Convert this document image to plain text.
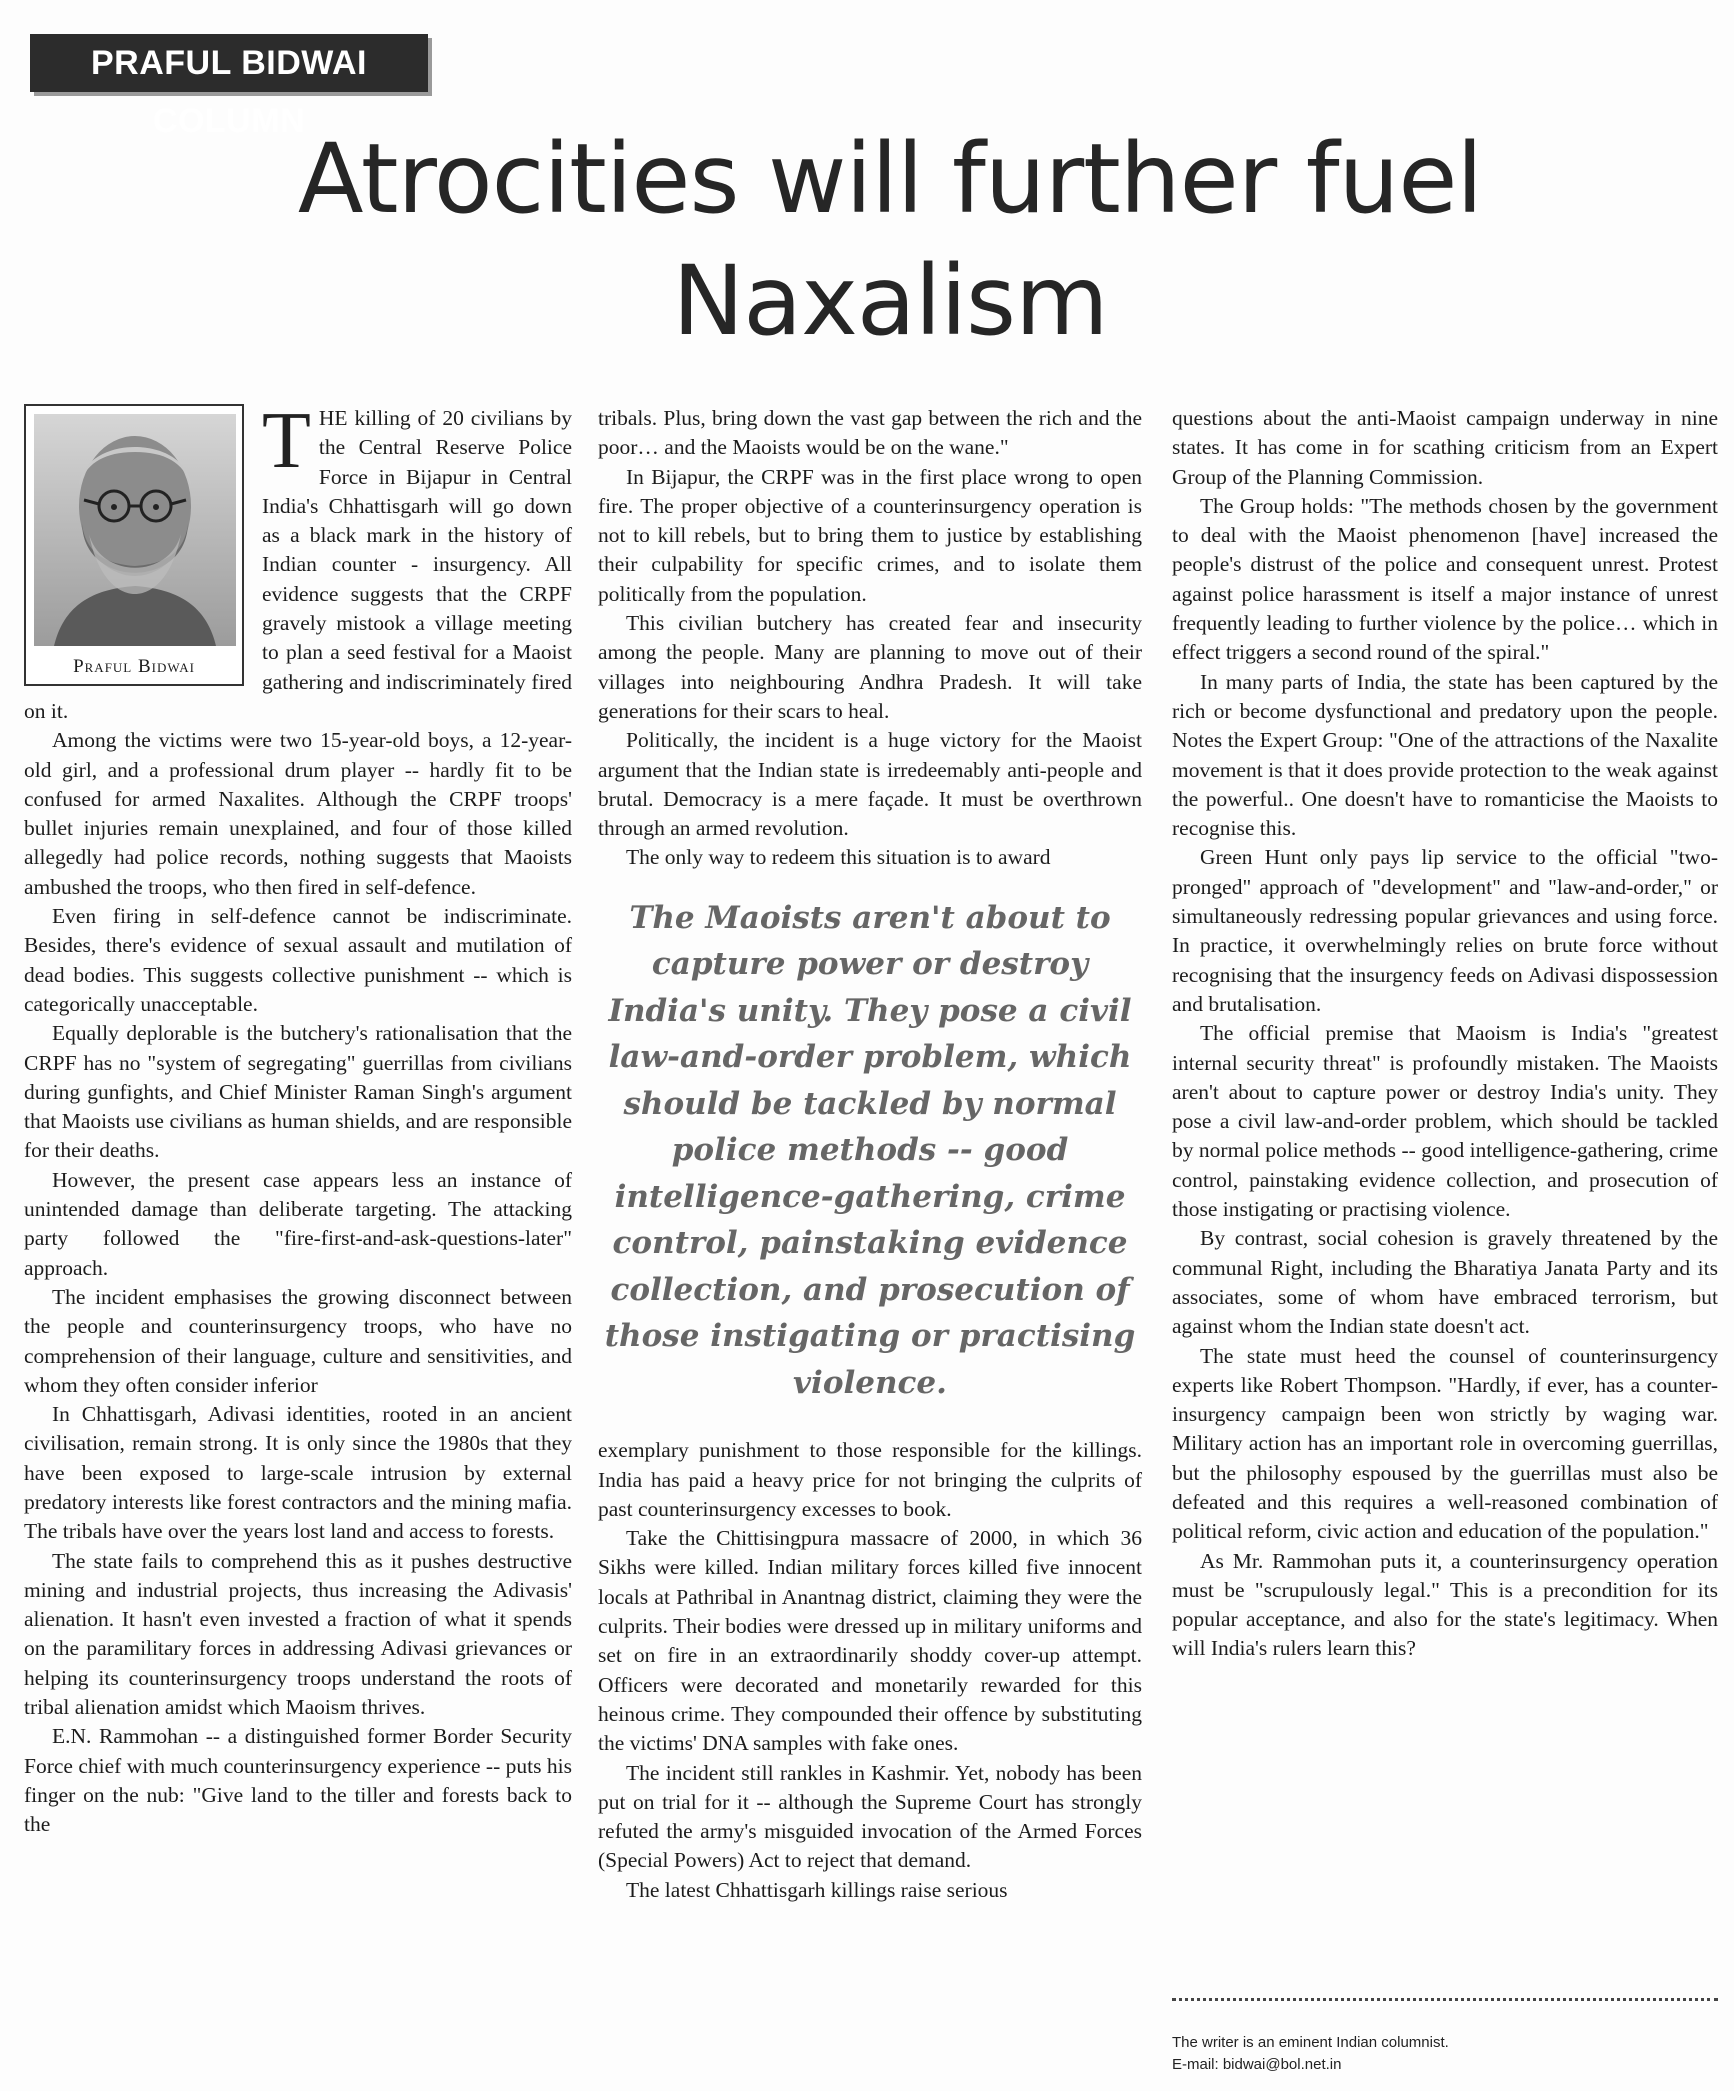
PRAFUL BIDWAI COLUMN
Atrocities will further fuel Naxalism
Praful Bidwai

THE killing of 20 civilians by the Central Reserve Police Force in Bijapur in Central India's Chhattisgarh will go down as a black mark in the history of Indian counter - insurgency. All evidence suggests that the CRPF gravely mistook a village meeting to plan a seed festival for a Maoist gathering and indiscriminately fired on it.

Among the victims were two 15-year-old boys, a 12-year-old girl, and a professional drum player -- hardly fit to be confused for armed Naxalites. Although the CRPF troops' bullet injuries remain unexplained, and four of those killed allegedly had police records, nothing suggests that Maoists ambushed the troops, who then fired in self-defence.

Even firing in self-defence cannot be indiscriminate. Besides, there's evidence of sexual assault and mutilation of dead bodies. This suggests collective punishment -- which is categorically unacceptable.

Equally deplorable is the butchery's rationalisation that the CRPF has no "system of segregating" guerrillas from civilians during gunfights, and Chief Minister Raman Singh's argument that Maoists use civilians as human shields, and are responsible for their deaths.

However, the present case appears less an instance of unintended damage than deliberate targeting. The attacking party followed the "fire-first-and-ask-questions-later" approach.

The incident emphasises the growing disconnect between the people and counterinsurgency troops, who have no comprehension of their language, culture and sensitivities, and whom they often consider inferior

In Chhattisgarh, Adivasi identities, rooted in an ancient civilisation, remain strong. It is only since the 1980s that they have been exposed to large-scale intrusion by external predatory interests like forest contractors and the mining mafia. The tribals have over the years lost land and access to forests.

The state fails to comprehend this as it pushes destructive mining and industrial projects, thus increasing the Adivasis' alienation. It hasn't even invested a fraction of what it spends on the paramilitary forces in addressing Adivasi grievances or helping its counterinsurgency troops understand the roots of tribal alienation amidst which Maoism thrives.

E.N. Rammohan -- a distinguished former Border Security Force chief with much counterinsurgency experience -- puts his finger on the nub: "Give land to the tiller and forests back to the

tribals. Plus, bring down the vast gap between the rich and the poor… and the Maoists would be on the wane."

In Bijapur, the CRPF was in the first place wrong to open fire. The proper objective of a counterinsurgency operation is not to kill rebels, but to bring them to justice by establishing their culpability for specific crimes, and to isolate them politically from the population.

This civilian butchery has created fear and insecurity among the people. Many are planning to move out of their villages into neighbouring Andhra Pradesh. It will take generations for their scars to heal.

Politically, the incident is a huge victory for the Maoist argument that the Indian state is irredeemably anti-people and brutal. Democracy is a mere façade. It must be overthrown through an armed revolution.

The only way to redeem this situation is to award

The Maoists aren't about to capture power or destroy India's unity. They pose a civil law-and-order problem, which should be tackled by normal police methods -- good intelligence-gathering, crime control, painstaking evidence collection, and prosecution of those instigating or practising violence.

exemplary punishment to those responsible for the killings. India has paid a heavy price for not bringing the culprits of past counterinsurgency excesses to book.

Take the Chittisingpura massacre of 2000, in which 36 Sikhs were killed. Indian military forces killed five innocent locals at Pathribal in Anantnag district, claiming they were the culprits. Their bodies were dressed up in military uniforms and set on fire in an extraordinarily shoddy cover-up attempt. Officers were decorated and monetarily rewarded for this heinous crime. They compounded their offence by substituting the victims' DNA samples with fake ones.

The incident still rankles in Kashmir. Yet, nobody has been put on trial for it -- although the Supreme Court has strongly refuted the army's misguided invocation of the Armed Forces (Special Powers) Act to reject that demand.

The latest Chhattisgarh killings raise serious

questions about the anti-Maoist campaign underway in nine states. It has come in for scathing criticism from an Expert Group of the Planning Commission.

The Group holds: "The methods chosen by the government to deal with the Maoist phenomenon [have] increased the people's distrust of the police and consequent unrest. Protest against police harassment is itself a major instance of unrest frequently leading to further violence by the police… which in effect triggers a second round of the spiral."

In many parts of India, the state has been captured by the rich or become dysfunctional and predatory upon the people. Notes the Expert Group: "One of the attractions of the Naxalite movement is that it does provide protection to the weak against the powerful.. One doesn't have to romanticise the Maoists to recognise this.

Green Hunt only pays lip service to the official "two-pronged" approach of "development" and "law-and-order," or simultaneously redressing popular grievances and using force. In practice, it overwhelmingly relies on brute force without recognising that the insurgency feeds on Adivasi dispossession and brutalisation.

The official premise that Maoism is India's "greatest internal security threat" is profoundly mistaken. The Maoists aren't about to capture power or destroy India's unity. They pose a civil law-and-order problem, which should be tackled by normal police methods -- good intelligence-gathering, crime control, painstaking evidence collection, and prosecution of those instigating or practising violence.

By contrast, social cohesion is gravely threatened by the communal Right, including the Bharatiya Janata Party and its associates, some of whom have embraced terrorism, but against whom the Indian state doesn't act.

The state must heed the counsel of counterinsurgency experts like Robert Thompson. "Hardly, if ever, has a counter-insurgency campaign been won strictly by waging war. Military action has an important role in overcoming guerrillas, but the philosophy espoused by the guerrillas must also be defeated and this requires a well-reasoned combination of political reform, civic action and education of the population."

As Mr. Rammohan puts it, a counterinsurgency operation must be "scrupulously legal." This is a precondition for its popular acceptance, and also for the state's legitimacy. When will India's rulers learn this?

The writer is an eminent Indian columnist.
E-mail: bidwai@bol.net.in
